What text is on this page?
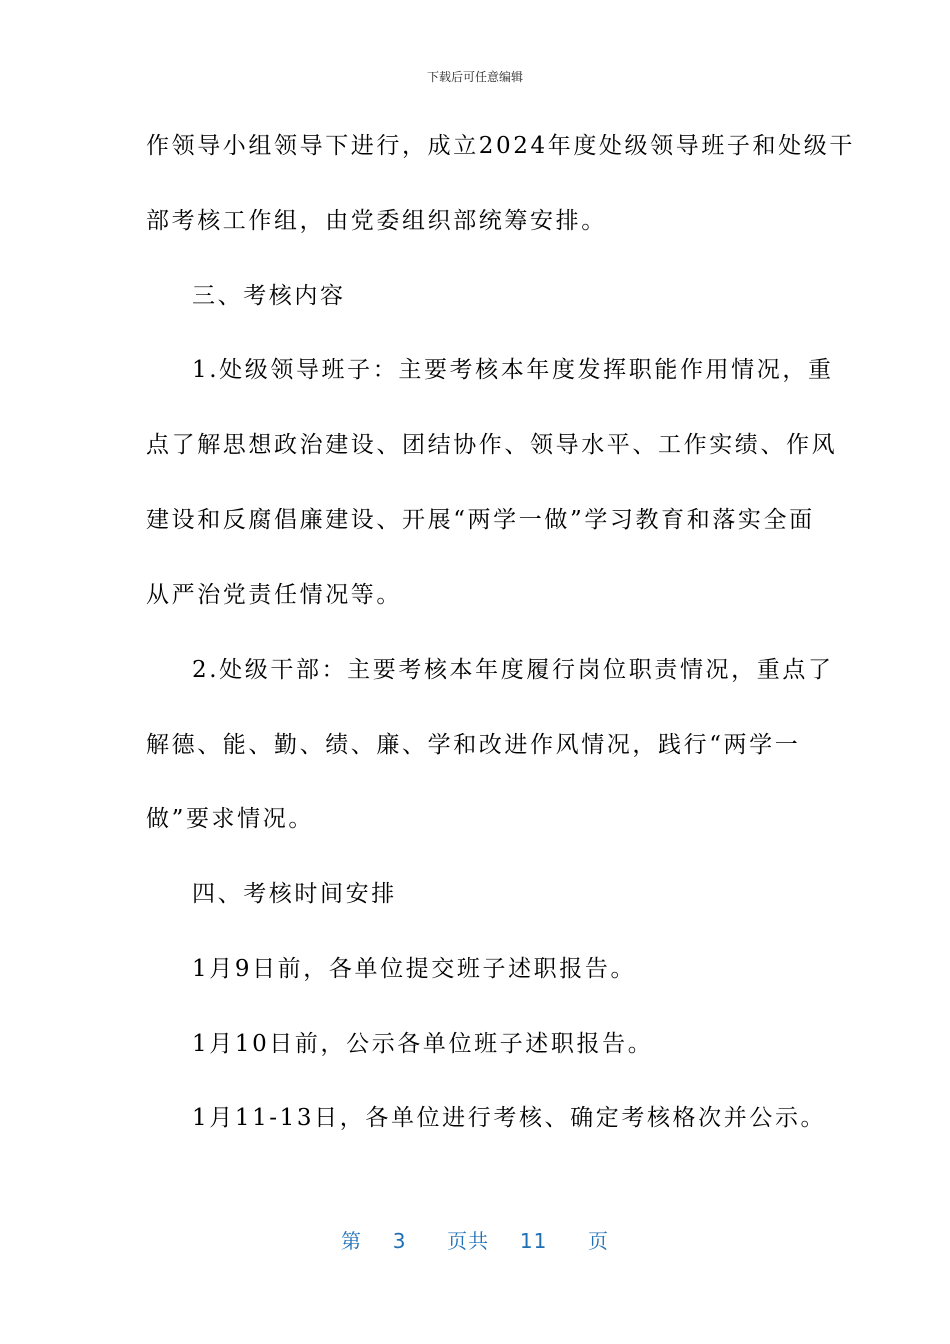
下载后可任意编辑
作领导小组领导下进行，成立2024年度处级领导班子和处级干
部考核工作组，由党委组织部统筹安排。
三、考核内容
1.处级领导班子：主要考核本年度发挥职能作用情况，重
点了解思想政治建设、团结协作、领导水平、工作实绩、作风
建设和反腐倡廉建设、开展“两学一做”学习教育和落实全面
从严治党责任情况等。
2.处级干部：主要考核本年度履行岗位职责情况，重点了
解德、能、勤、绩、廉、学和改进作风情况，践行“两学一
做”要求情况。
四、考核时间安排
1月9日前，各单位提交班子述职报告。
1月10日前，公示各单位班子述职报告。
1月11-13日，各单位进行考核、确定考核格次并公示。
第 3 页共 11 页
